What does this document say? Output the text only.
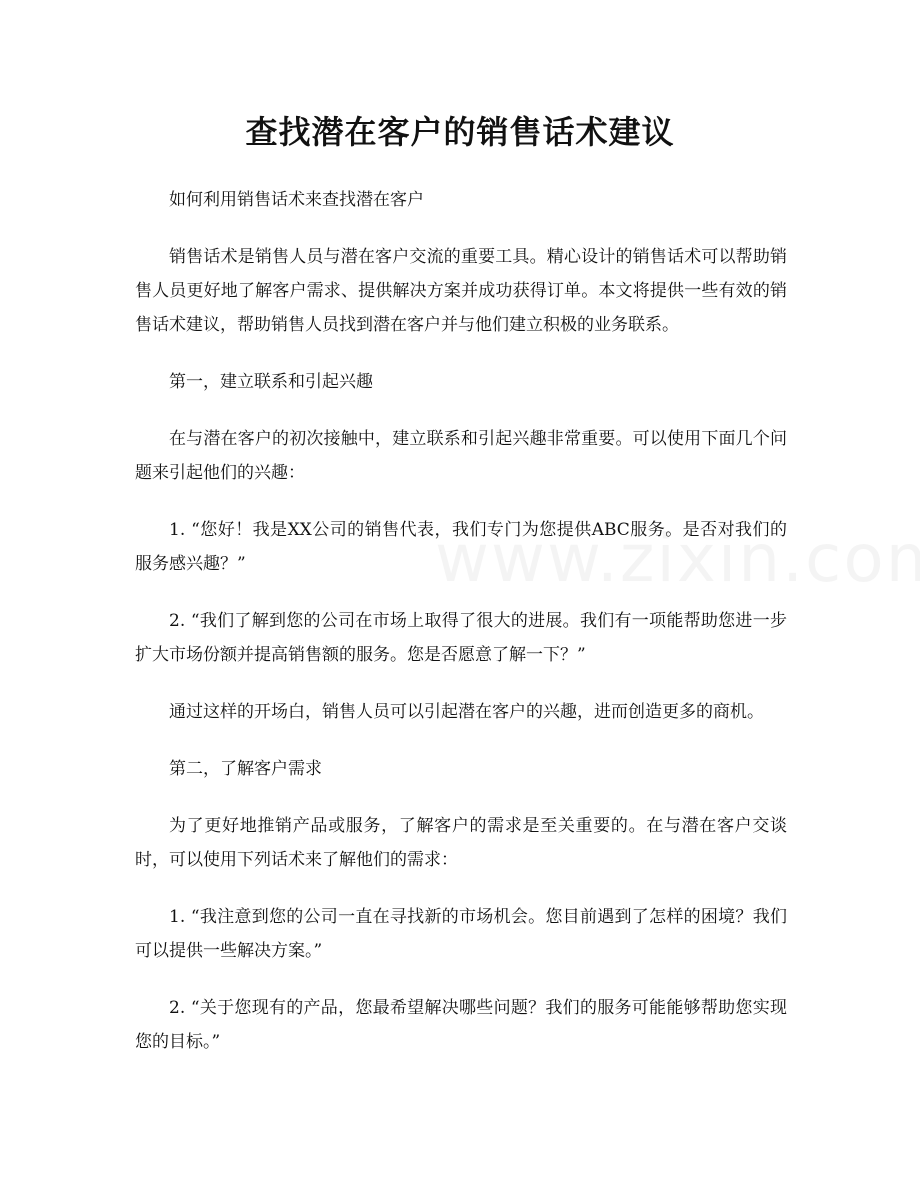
查找潜在客户的销售话术建议

如何利用销售话术来查找潜在客户

销售话术是销售人员与潜在客户交流的重要工具。精心设计的销售话术可以帮助销售人员更好地了解客户需求、提供解决方案并成功获得订单。本文将提供一些有效的销售话术建议，帮助销售人员找到潜在客户并与他们建立积极的业务联系。

第一，建立联系和引起兴趣

在与潜在客户的初次接触中，建立联系和引起兴趣非常重要。可以使用下面几个问题来引起他们的兴趣：

1. “您好！我是XX公司的销售代表，我们专门为您提供ABC服务。是否对我们的服务感兴趣？”

2. “我们了解到您的公司在市场上取得了很大的进展。我们有一项能帮助您进一步扩大市场份额并提高销售额的服务。您是否愿意了解一下？”

通过这样的开场白，销售人员可以引起潜在客户的兴趣，进而创造更多的商机。

第二，了解客户需求

为了更好地推销产品或服务，了解客户的需求是至关重要的。在与潜在客户交谈时，可以使用下列话术来了解他们的需求：

1. “我注意到您的公司一直在寻找新的市场机会。您目前遇到了怎样的困境？我们可以提供一些解决方案。”

2. “关于您现有的产品，您最希望解决哪些问题？我们的服务可能能够帮助您实现您的目标。”
